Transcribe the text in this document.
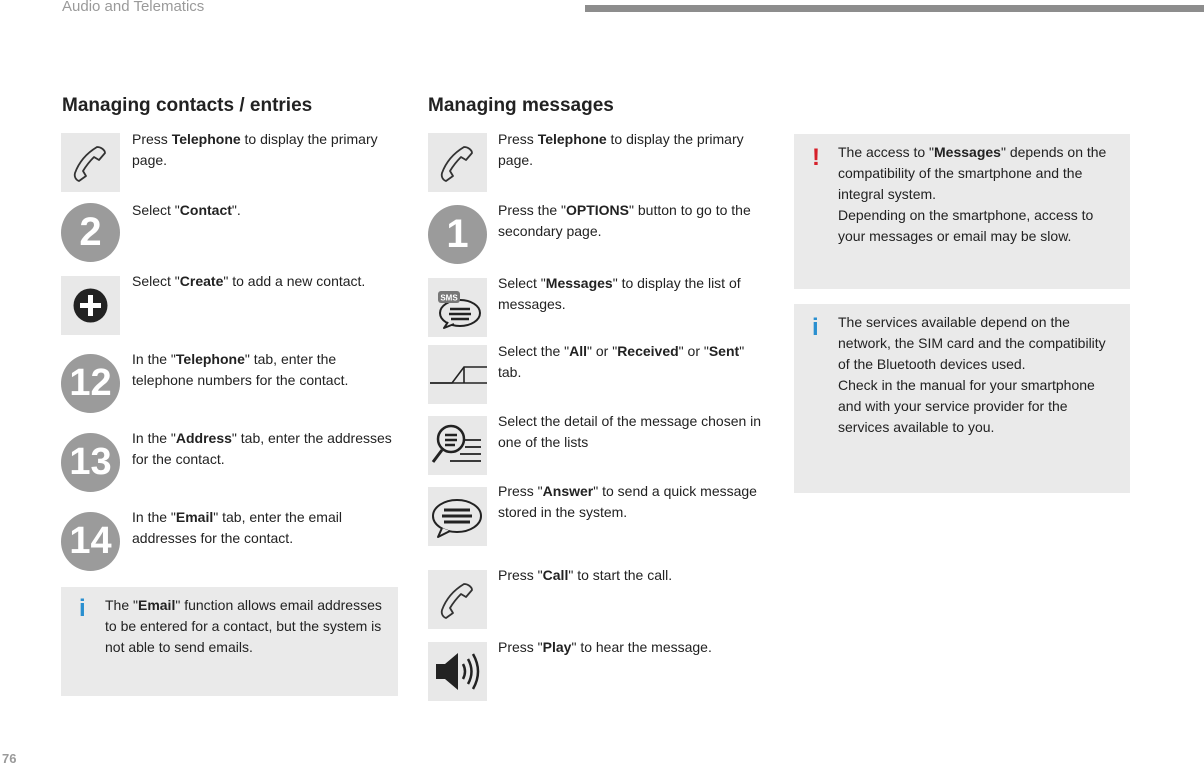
Audio and Telematics
76
Managing contacts / entries
Press Telephone to display the primary page.
2	Select "Contact".
Select "Create" to add a new contact.
12
In the "Telephone" tab, enter the telephone numbers for the contact.
13
In the "Address" tab, enter the addresses for the contact.
14
In the "Email" tab, enter the email addresses for the contact.
i The "Email" function allows email addresses to be entered for a contact, but the system is not able to send emails.
Managing messages
Press Telephone to display the primary page.
1
Press the "OPTIONS" button to go to the secondary page.
SMS
Select "Messages" to display the list of messages.
Select the "All" or "Received" or "Sent" tab.
Select the detail of the message chosen in one of the lists
Press "Answer" to send a quick message stored in the system.
Press "Call" to start the call.
Press "Play" to hear the message.
! The access to "Messages" depends on the compatibility of the smartphone and the integral system.
Depending on the smartphone, access to your messages or email may be slow.
i The services available depend on the network, the SIM card and the compatibility of the Bluetooth devices used.
Check in the manual for your smartphone and with your service provider for the services available to you.
